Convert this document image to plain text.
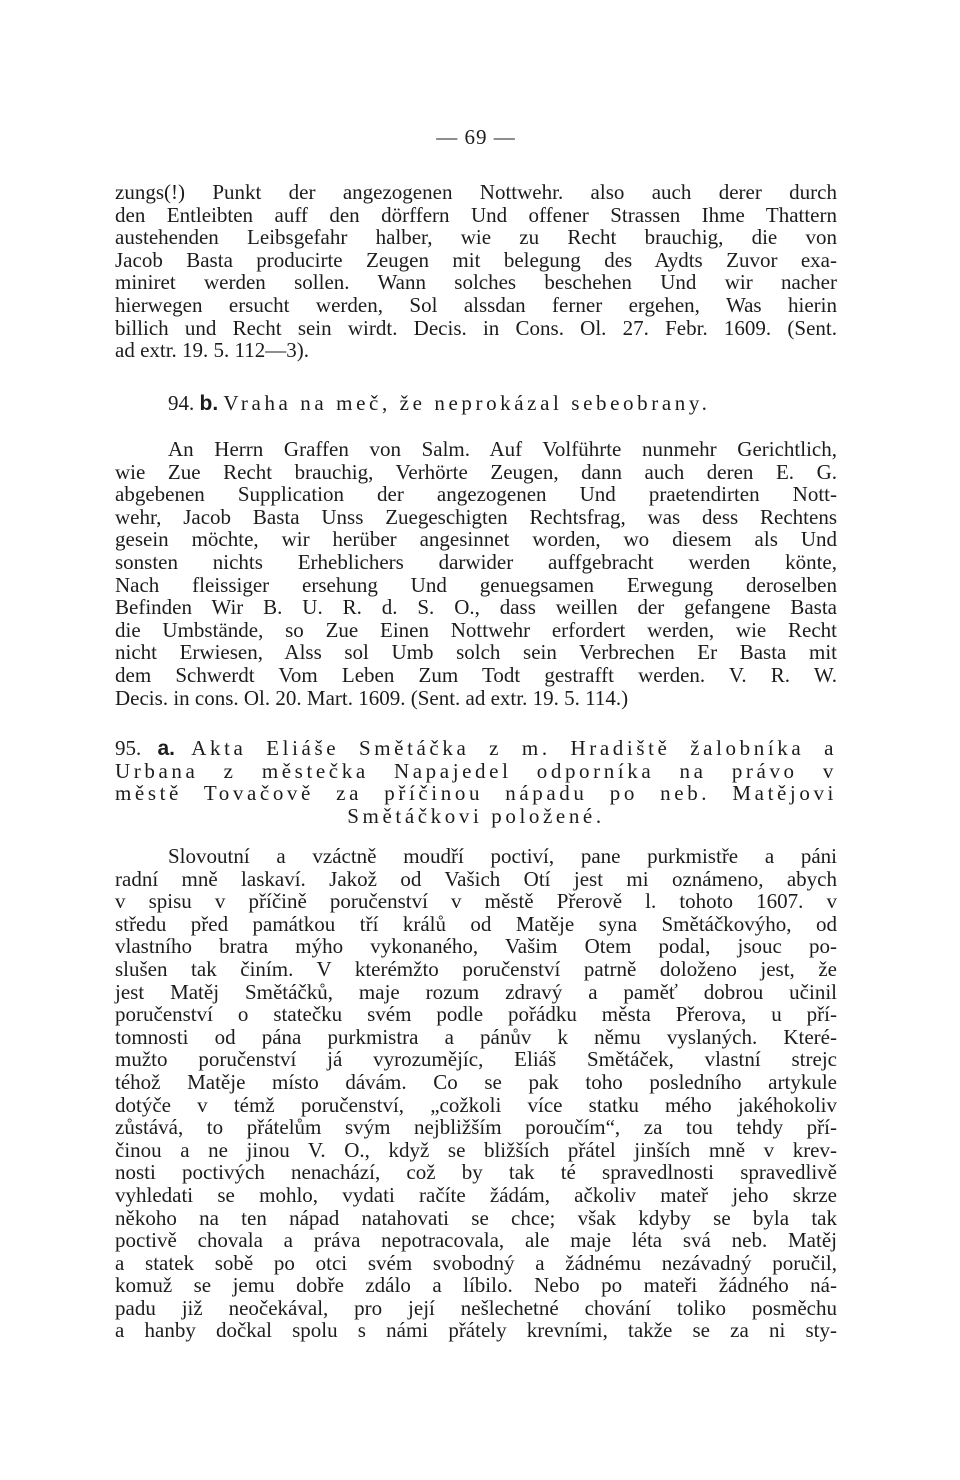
— 69 —
zungs(!) Punkt der angezogenen Nottwehr. also auch derer durch
den Entleibten auff den dörffern Und offener Strassen Ihme Thattern
austehenden Leibsgefahr halber, wie zu Recht brauchig, die von
Jacob Basta producirte Zeugen mit belegung des Aydts Zuvor exa-
miniret werden sollen. Wann solches beschehen Und wir nacher
hierwegen ersucht werden, Sol alssdan ferner ergehen, Was hierin
billich und Recht sein wirdt. Decis. in Cons. Ol. 27. Febr. 1609. (Sent.
ad extr. 19. 5. 112—3).
94. b. Vraha na meč, že neprokázal sebeobrany.
An Herrn Graffen von Salm. Auf Volführte nunmehr Gerichtlich,
wie Zue Recht brauchig, Verhörte Zeugen, dann auch deren E. G.
abgebenen Supplication der angezogenen Und praetendirten Nott-
wehr, Jacob Basta Unss Zuegeschigten Rechtsfrag, was dess Rechtens
gesein möchte, wir herüber angesinnet worden, wo diesem als Und
sonsten nichts Erheblichers darwider auffgebracht werden könte,
Nach fleissiger ersehung Und genuegsamen Erwegung deroselben
Befinden Wir B. U. R. d. S. O., dass weillen der gefangene Basta
die Umbstände, so Zue Einen Nottwehr erfordert werden, wie Recht
nicht Erwiesen, Alss sol Umb solch sein Verbrechen Er Basta mit
dem Schwerdt Vom Leben Zum Todt gestrafft werden. V. R. W.
Decis. in cons. Ol. 20. Mart. 1609. (Sent. ad extr. 19. 5. 114.)
95. a. Akta Eliáše Smětáčka z m. Hradiště žalobníka a
Urbana z městečka Napajedel odporníka na právo v
městě Tovačově za příčinou nápadu po neb. Matějovi
Smětáčkovi položené.
Slovoutní a vzáctně moudří poctiví, pane purkmistře a páni
radní mně laskaví. Jakož od Vašich Otí jest mi oznámeno, abych
v spisu v příčině poručenství v městě Přerově l. tohoto 1607. v
středu před památkou tří králů od Matěje syna Smětáčkovýho, od
vlastního bratra mýho vykonaného, Vašim Otem podal, jsouc po-
slušen tak činím. V kterémžto poručenství patrně doloženo jest, že
jest Matěj Smětáčků, maje rozum zdravý a paměť dobrou učinil
poručenství o statečku svém podle pořádku města Přerova, u pří-
tomnosti od pána purkmistra a pánův k němu vyslaných. Které-
mužto poručenství já vyrozumějíc, Eliáš Smětáček, vlastní strejc
téhož Matěje místo dávám. Co se pak toho posledního artykule
dotýče v témž poručenství, „cožkoli více statku mého jakéhokoliv
zůstává, to přátelům svým nejbližším poroučím“, za tou tehdy pří-
činou a ne jinou V. O., když se bližších přátel jinších mně v krev-
nosti poctivých nenachází, což by tak té spravedlnosti spravedlivě
vyhledati se mohlo, vydati račíte žádám, ačkoliv mateř jeho skrze
někoho na ten nápad natahovati se chce; však kdyby se byla tak
poctivě chovala a práva nepotracovala, ale maje léta svá neb. Matěj
a statek sobě po otci svém svobodný a žádnému nezávadný poručil,
komuž se jemu dobře zdálo a líbilo. Nebo po mateři žádného ná-
padu již neočekával, pro její nešlechetné chování toliko posměchu
a hanby dočkal spolu s námi přátely krevními, takže se za ni sty-
